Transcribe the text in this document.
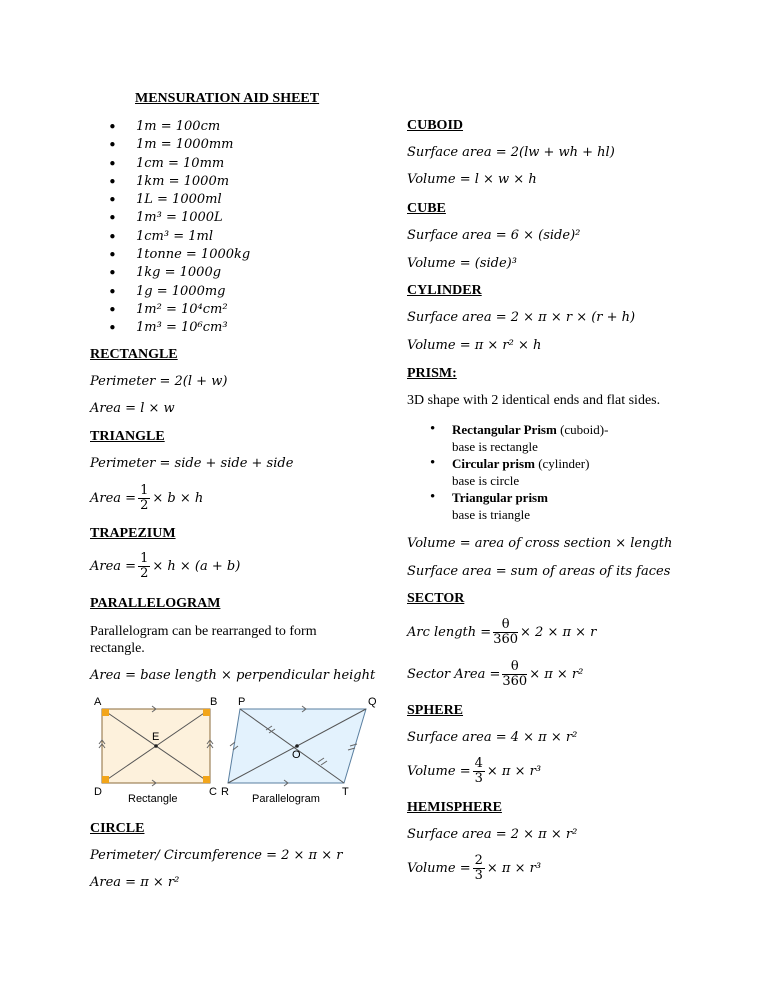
MENSURATION AID SHEET
• 1m = 100cm
• 1m = 1000mm
• 1cm = 10mm
• 1km = 1000m
• 1L = 1000ml
• 1m³ = 1000L
• 1cm³ = 1ml
• 1tonne = 1000kg
• 1kg = 1000g
• 1g = 1000mg
• 1m² = 10⁴cm²
• 1m³ = 10⁶cm³
RECTANGLE
Perimeter = 2(l + w)
Area = l × w
TRIANGLE
Perimeter = side + side + side
Area = $\frac{1}{2} \times b \times h$
TRAPEZIUM
Area = $\frac{1}{2} \times h \times (a + b)$
PARALLELOGRAM
Parallelogram can be rearranged to form rectangle.
Area = base length × perpendicular height
A	B
C
D
E
Rectangle
P	Q
R	T
O
Parallelogram
CIRCLE
Perimeter/ Circumference = 2 × π × r
Area = π × r²
CUBOID
Surface area = 2(lw + wh + hl)
Volume = l × w × h
CUBE
Surface area = 6 × (side)²
Volume = (side)³
CYLINDER
Surface area = 2 × π × r × (r + h)
Volume = π × r² × h
PRISM:
3D shape with 2 identical ends and flat sides.
• Rectangular Prism (cuboid)-
base is rectangle
• Circular prism (cylinder)
base is circle
• Triangular prism
base is triangle
Volume = area of cross section × length
Surface area = sum of areas of its faces
SECTOR
Arc length = $\frac{\theta}{360} \times 2 \times \pi \times r$
Sector Area = $\frac{\theta}{360} \times \pi \times r^2$
SPHERE
Surface area = 4 × π × r²
Volume = $\frac{4}{3} \times \pi \times r^3$
HEMISPHERE
Surface area = 2 × π × r²
Volume = $\frac{2}{3} \times \pi \times r^3$
